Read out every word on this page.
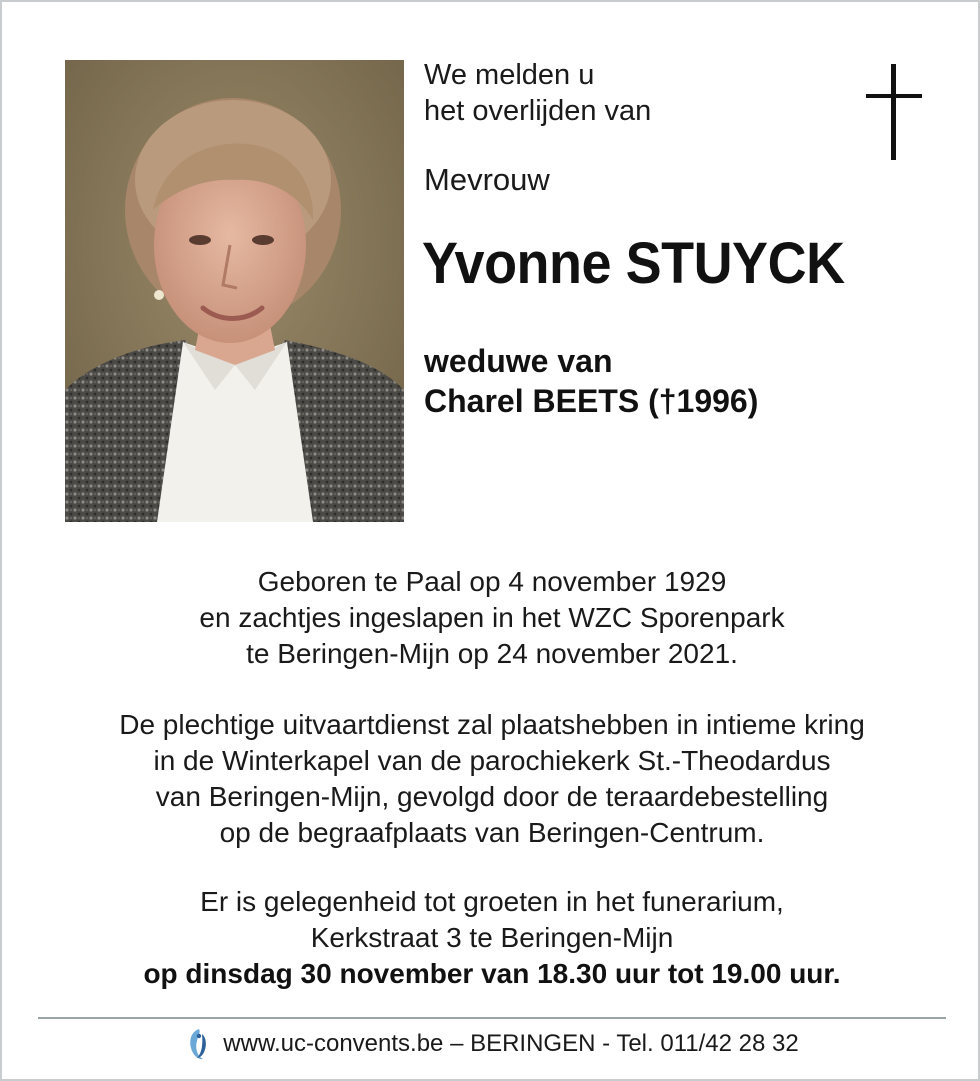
We melden u
het overlijden van
Mevrouw
Yvonne STUYCK
weduwe van
Charel BEETS (†1996)
Geboren te Paal op 4 november 1929
en zachtjes ingeslapen in het WZC Sporenpark
te Beringen-Mijn op 24 november 2021.
De plechtige uitvaartdienst zal plaatshebben in intieme kring
in de Winterkapel van de parochiekerk St.-Theodardus
van Beringen-Mijn, gevolgd door de teraardebestelling
op de begraafplaats van Beringen-Centrum.
Er is gelegenheid tot groeten in het funerarium,
Kerkstraat 3 te Beringen-Mijn
op dinsdag 30 november van 18.30 uur tot 19.00 uur.
www.uc-convents.be – BERINGEN - Tel. 011/42 28 32
